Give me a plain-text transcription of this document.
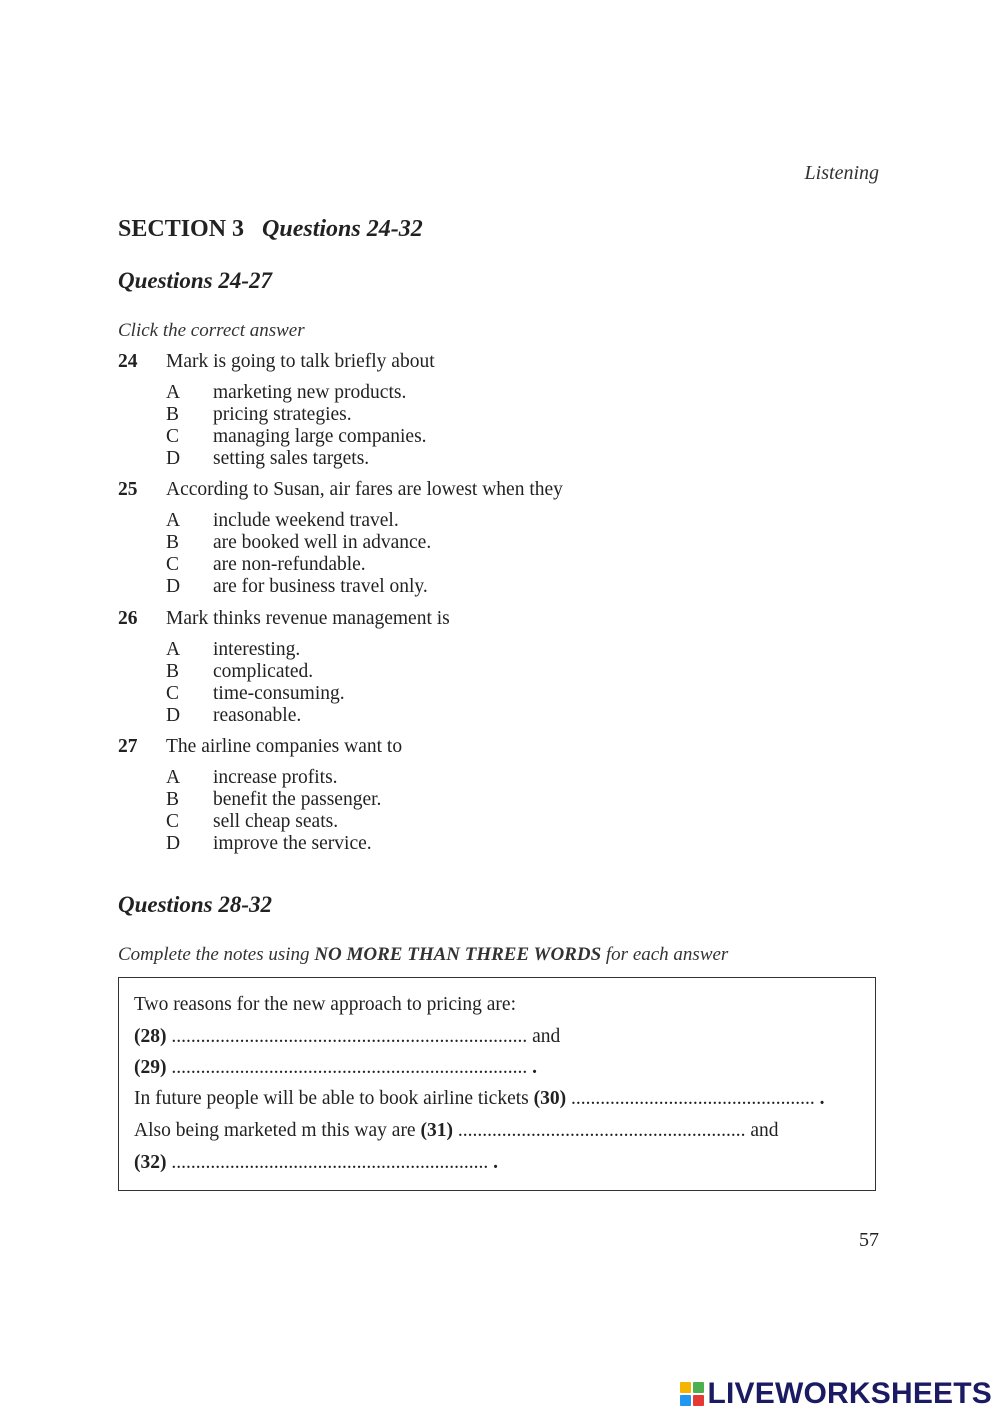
Listening
SECTION 3 Questions 24-32
Questions 24-27
Click the correct answer
24	Mark is going to talk briefly about
A	marketing new products.
B	pricing strategies.
C	managing large companies.
D	setting sales targets.
25	According to Susan, air fares are lowest when they
A	include weekend travel.
B	are booked well in advance.
C	are non-refundable.
D	are for business travel only.
26	Mark thinks revenue management is
A	interesting.
B	complicated.
C	time-consuming.
D	reasonable.
27	The airline companies want to
A	increase profits.
B	benefit the passenger.
C	sell cheap seats.
D	improve the service.
Questions 28-32
Complete the notes using NO MORE THAN THREE WORDS for each answer
Two reasons for the new approach to pricing are:
(28) ......................................................................... and
(29) ......................................................................... .
In future people will be able to book airline tickets (30) .................................................. .
Also being marketed m this way are (31) ........................................................... and
(32) ................................................................. .
57
LIVEWORKSHEETS
